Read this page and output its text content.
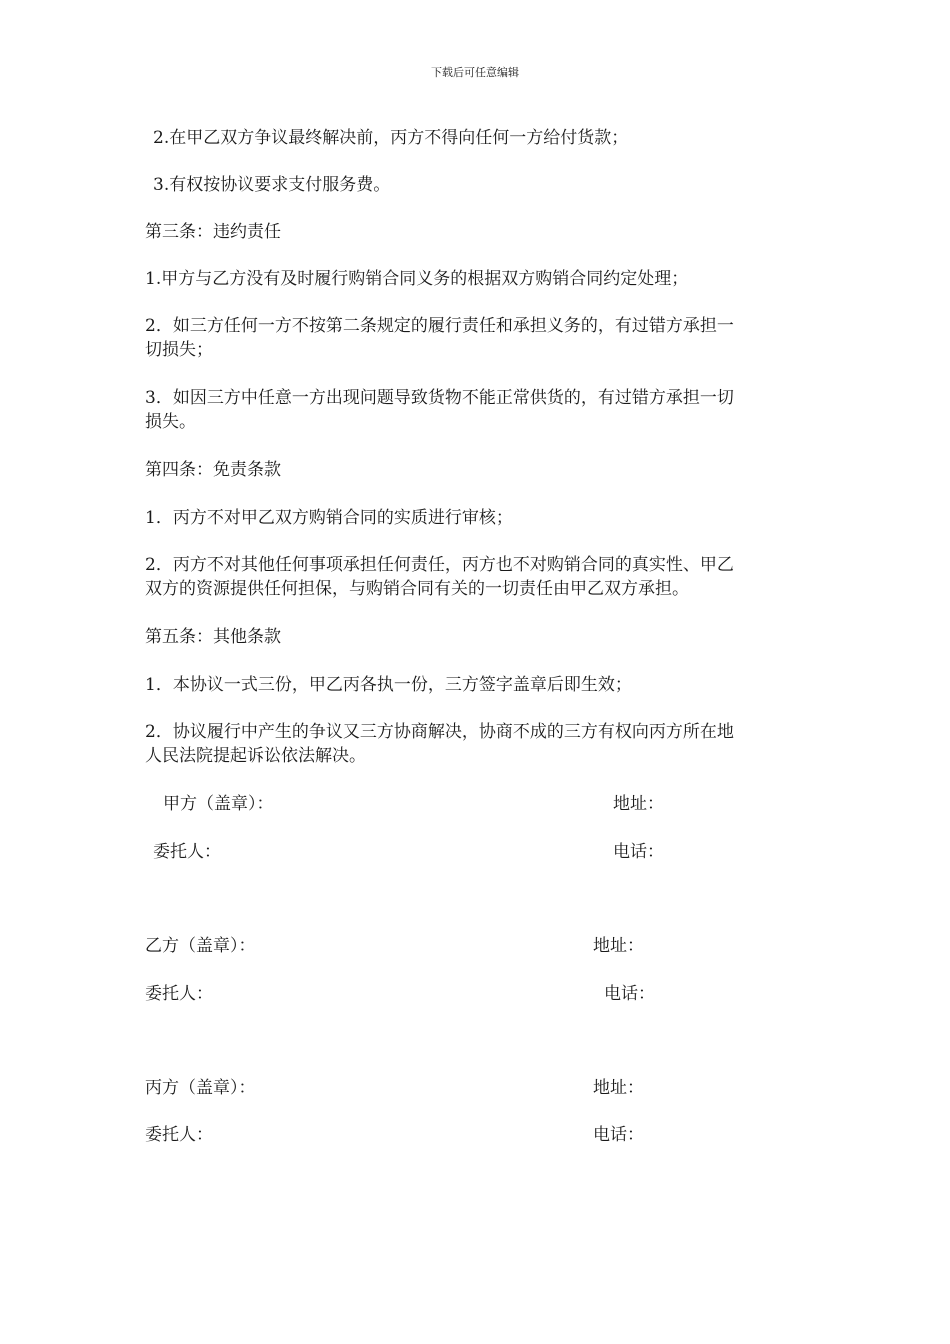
下载后可任意编辑
2.在甲乙双方争议最终解决前，丙方不得向任何一方给付货款；
3.有权按协议要求支付服务费。
第三条：违约责任
1.甲方与乙方没有及时履行购销合同义务的根据双方购销合同约定处理；
2．如三方任何一方不按第二条规定的履行责任和承担义务的，有过错方承担一
切损失；
3．如因三方中任意一方出现问题导致货物不能正常供货的，有过错方承担一切
损失。
第四条：免责条款
1．丙方不对甲乙双方购销合同的实质进行审核；
2．丙方不对其他任何事项承担任何责任，丙方也不对购销合同的真实性、甲乙
双方的资源提供任何担保，与购销合同有关的一切责任由甲乙双方承担。
第五条：其他条款
1．本协议一式三份，甲乙丙各执一份，三方签字盖章后即生效；
2．协议履行中产生的争议又三方协商解决，协商不成的三方有权向丙方所在地
人民法院提起诉讼依法解决。
甲方（盖章）：	地址：
委托人：	电话：
乙方（盖章）：	地址：
委托人：	电话：
丙方（盖章）：	地址：
委托人：	电话：
